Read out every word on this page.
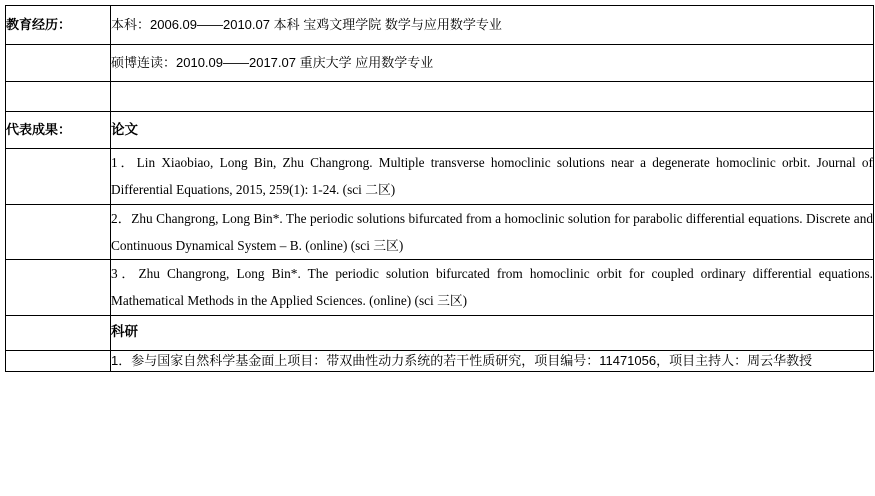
教育经历：	本科：2006.09——2010.07 本科 宝鸡文理学院 数学与应用数学专业
	硕博连读：2010.09——2017.07 重庆大学 应用数学专业

代表成果：	论文
	1．Lin Xiaobiao, Long Bin, Zhu Changrong. Multiple transverse homoclinic solutions near a degenerate homoclinic orbit. Journal of Differential Equations, 2015, 259(1): 1-24. (sci 二区)
	2．Zhu Changrong, Long Bin*. The periodic solutions bifurcated from a homoclinic solution for parabolic differential equations. Discrete and Continuous Dynamical System – B. (online) (sci 三区)
	3．Zhu Changrong, Long Bin*. The periodic solution bifurcated from homoclinic orbit for coupled ordinary differential equations. Mathematical Methods in the Applied Sciences. (online) (sci 三区)
	科研
	1．参与国家自然科学基金面上项目：带双曲性动力系统的若干性质研究，项目编号：11471056，项目主持人：周云华教授
